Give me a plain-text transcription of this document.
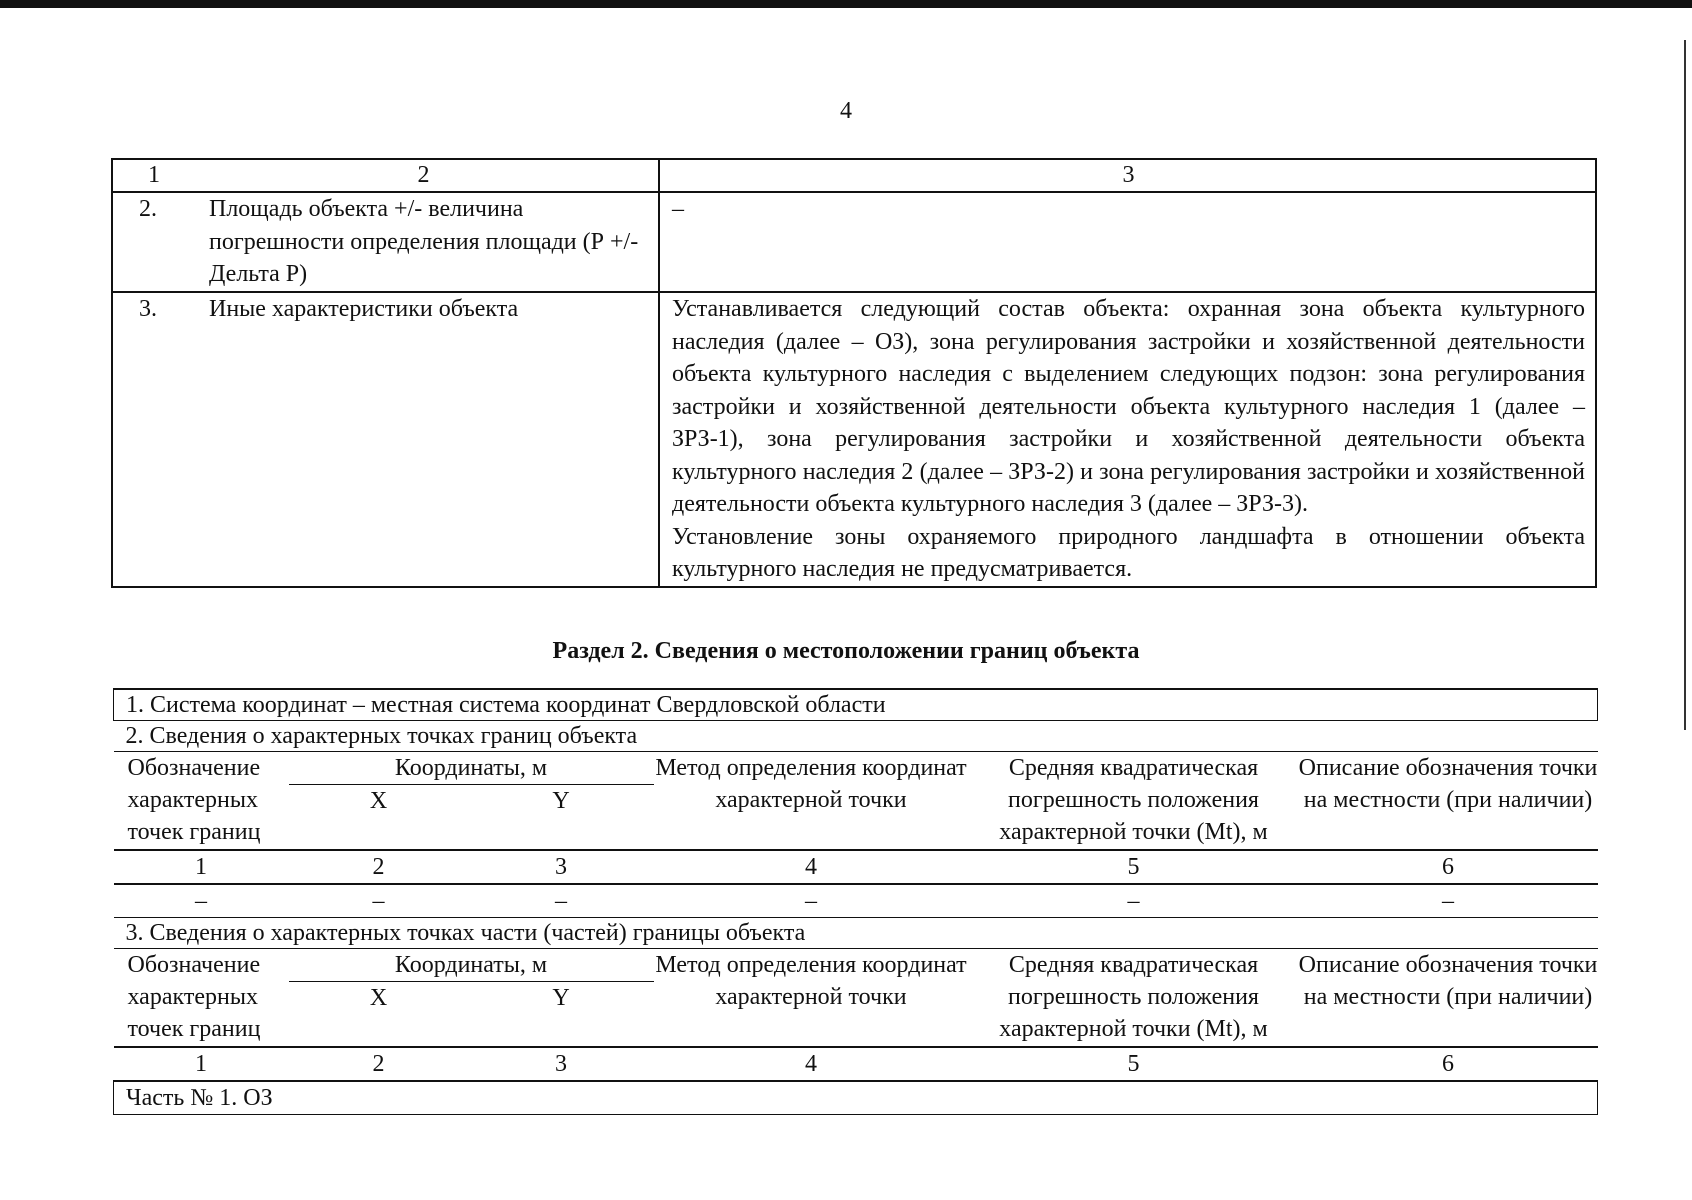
4
1	2	3
2.	Площадь объекта +/- величина погрешности определения площади (Р +/- Дельта Р)	–

3.	Иные характеристики объекта	Устанавливается следующий состав объекта: охранная зона объекта культурного наследия (далее – ОЗ), зона регулирования застройки и хозяйственной деятельности объекта культурного наследия с выделением следующих подзон: зона регулирования застройки и хозяйственной деятельности объекта культурного наследия 1 (далее – ЗРЗ-1), зона регулирования застройки и хозяйственной деятельности объекта культурного наследия 2 (далее – ЗРЗ-2) и зона регулирования застройки и хозяйственной деятельности объекта культурного наследия 3 (далее – ЗРЗ-3).

Установление зоны охраняемого природного ландшафта в отношении объекта культурного наследия не предусматривается.

Раздел 2. Сведения о местоположении границ объекта
1. Система координат – местная система координат Свердловской области					
2. Сведения о характерных точках границ объекта					
Обозначение характерных точек границ	Координаты, м		Метод определения координат характерной точки	Средняя квадратическая погрешность положения характерной точки (Mt), м	Описание обозначения точки на местности (при наличии)
	X	Y			
1	2	3	4	5	6
–	–	–	–	–	–
3. Сведения о характерных точках части (частей) границы объекта					
Обозначение характерных точек границ	Координаты, м		Метод определения координат характерной точки	Средняя квадратическая погрешность положения характерной точки (Mt), м	Описание обозначения точки на местности (при наличии)
	X	Y			
1	2	3	4	5	6
Часть № 1. ОЗ					
